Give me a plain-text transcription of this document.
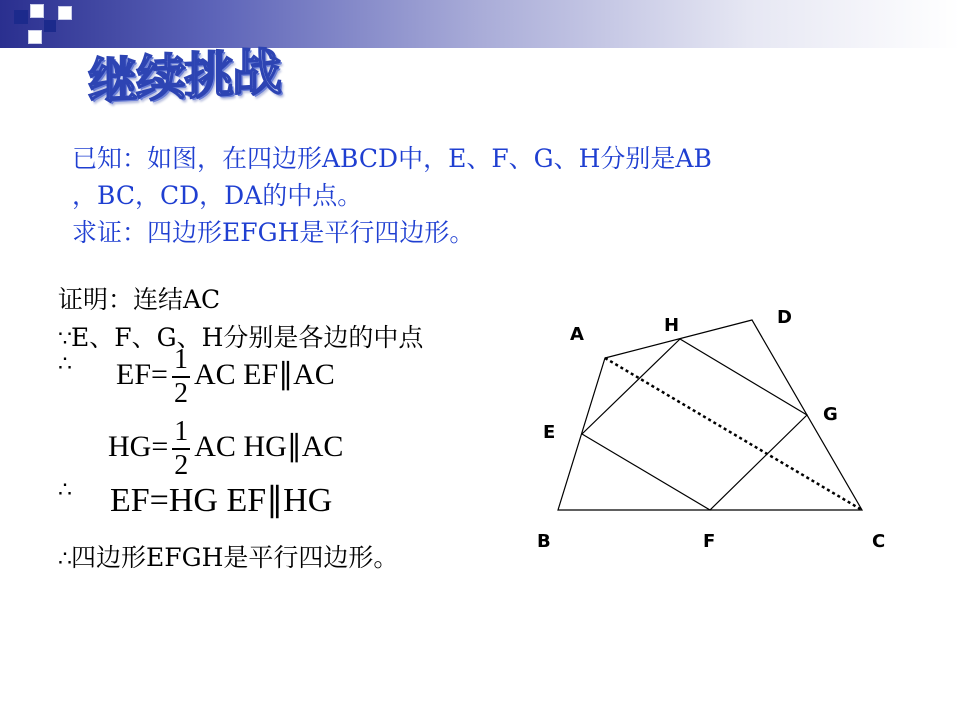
继续挑战
已知：如图，在四边形ABCD中，E、F、G、H分别是AB
，BC，CD，DA的中点。
求证：四边形EFGH是平行四边形。
证明：连结AC
∵E、F、G、H分别是各边的中点
∴ $EF= \frac{1}{2}$ AC EF∥AC
$HG= \frac{1}{2}$ AC HG∥AC
∴ EF=HG EF∥HG
∴四边形EFGH是平行四边形。
A
B	C
D
E
F
G
H
